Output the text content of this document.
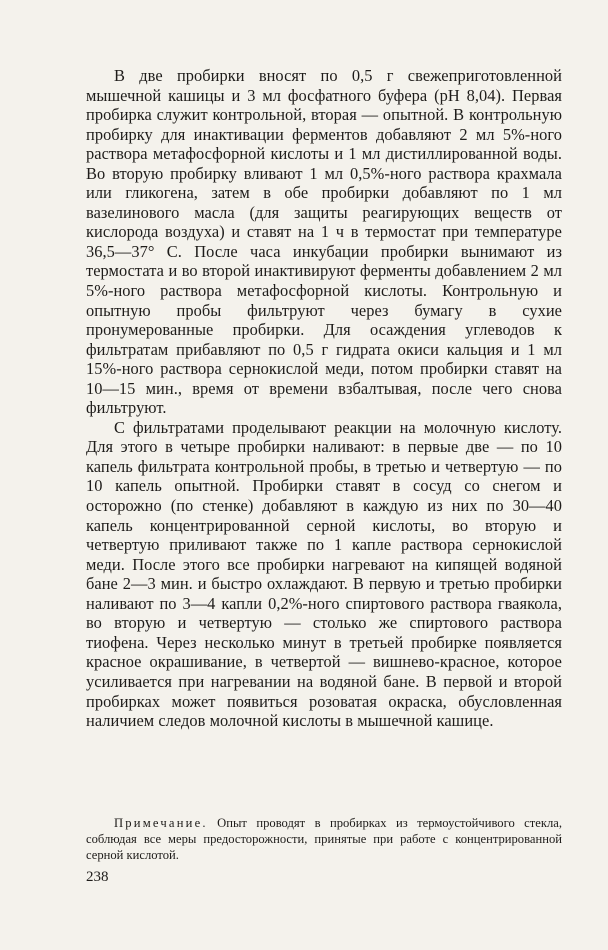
В две пробирки вносят по 0,5 г свежеприготовленной мышечной кашицы и 3 мл фосфатного буфера (рН 8,04). Первая пробирка служит контрольной, вторая — опытной. В контрольную пробирку для инактивации ферментов добавляют 2 мл 5%-ного раствора метафосфорной кислоты и 1 мл дистиллированной воды. Во вторую пробирку вливают 1 мл 0,5%-ного раствора крахмала или гликогена, затем в обе пробирки добавляют по 1 мл вазелинового масла (для защиты реагирующих веществ от кислорода воздуха) и ставят на 1 ч в термостат при температуре 36,5—37° С. После часа инкубации пробирки вынимают из термостата и во второй инактивируют ферменты добавлением 2 мл 5%-ного раствора метафосфорной кислоты. Контрольную и опытную пробы фильтруют через бумагу в сухие пронумерованные пробирки. Для осаждения углеводов к фильтратам прибавляют по 0,5 г гидрата окиси кальция и 1 мл 15%-ного раствора сернокислой меди, потом пробирки ставят на 10—15 мин., время от времени взбалтывая, после чего снова фильтруют.

С фильтратами проделывают реакции на молочную кислоту. Для этого в четыре пробирки наливают: в первые две — по 10 капель фильтрата контрольной пробы, в третью и четвертую — по 10 капель опытной. Пробирки ставят в сосуд со снегом и осторожно (по стенке) добавляют в каждую из них по 30—40 капель концентрированной серной кислоты, во вторую и четвертую приливают также по 1 капле раствора сернокислой меди. После этого все пробирки нагревают на кипящей водяной бане 2—3 мин. и быстро охлаждают. В первую и третью пробирки наливают по 3—4 капли 0,2%-ного спиртового раствора гваякола, во вторую и четвертую — столько же спиртового раствора тиофена. Через несколько минут в третьей пробирке появляется красное окрашивание, в четвертой — вишнево-красное, которое усиливается при нагревании на водяной бане. В первой и второй пробирках может появиться розоватая окраска, обусловленная наличием следов молочной кислоты в мышечной кашице.

Примечание. Опыт проводят в пробирках из термоустойчивого стекла, соблюдая все меры предосторожности, принятые при работе с концентрированной серной кислотой.

238
